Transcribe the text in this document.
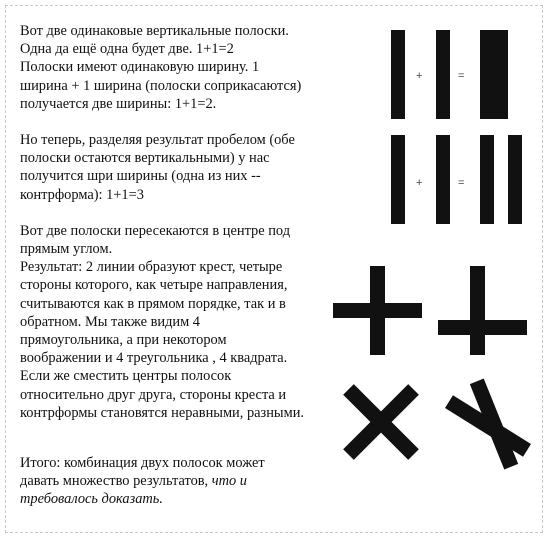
Вот две одинаковые вертикальные полоски.
Одна да ещё одна будет две. 1+1=2
Полоски имеют одинаковую ширину. 1
ширина + 1 ширина (полоски соприкасаются)
получается две ширины: 1+1=2.

Но теперь, разделяя результат пробелом (обе
полоски остаются вертикальными) у нас
получится шри ширины (одна из них --
контрформа): 1+1=3

Вот две полоски пересекаются в центре под
прямым углом.
Результат: 2 линии образуют крест, четыре
стороны которого, как четыре направления,
считываются как в прямом порядке, так и в
обратном. Мы также видим 4
прямоугольника, а при некотором
воображении и 4 треугольника , 4 квадрата.
Если же сместить центры полосок
относительно друг друга, стороны креста и
контрформы становятся неравными, разными.

Итого: комбинация двух полосок может
давать множество результатов, что и
требовалось доказать.

+	=
+	=
